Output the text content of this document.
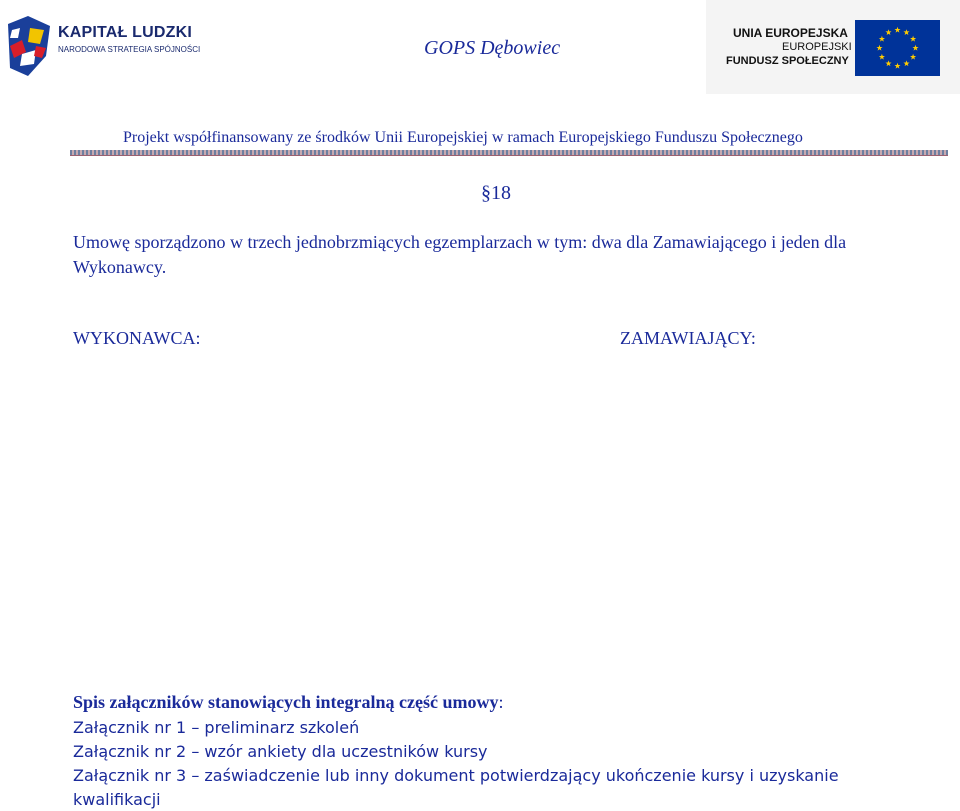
KAPITAŁ LUDZKI
NARODOWA STRATEGIA SPÓJNOŚCI	GOPS Dębowiec
UNIA EUROPEJSKA
EUROPEJSKI
FUNDUSZ SPOŁECZNY
Projekt współfinansowany ze środków Unii Europejskiej w ramach Europejskiego Funduszu Społecznego
§18
Umowę sporządzono w trzech jednobrzmiących egzemplarzach w tym: dwa dla Zamawiającego i jeden dla Wykonawcy.
WYKONAWCA:	ZAMAWIAJĄCY:
Spis załączników stanowiących integralną część umowy:
Załącznik nr 1 – preliminarz szkoleń
Załącznik nr 2 – wzór ankiety dla uczestników kursy
Załącznik nr 3 – zaświadczenie lub inny dokument potwierdzający ukończenie kursy i uzyskanie
kwalifikacji
